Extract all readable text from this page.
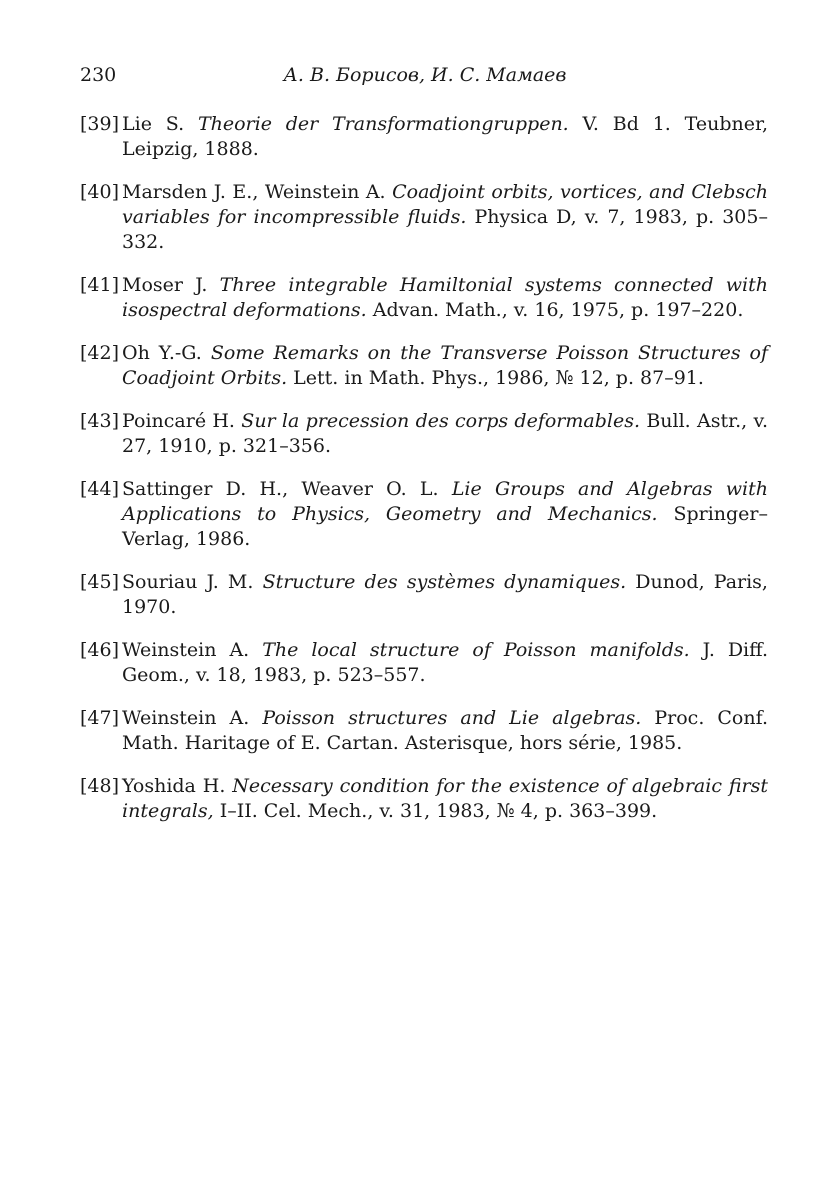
230	А. В. Борисов, И. С. Мамаев
[39] Lie S. Theorie der Transformationgruppen. V. Bd 1. Teubner, Leipzig, 1888.
[40] Marsden J. E., Weinstein A. Coadjoint orbits, vortices, and Clebsch variables for incompressible fluids. Physica D, v. 7, 1983, p. 305–332.
[41] Moser J. Three integrable Hamiltonial systems connected with isospectral deformations. Advan. Math., v. 16, 1975, p. 197–220.
[42] Oh Y.-G. Some Remarks on the Transverse Poisson Structures of Coadjoint Orbits. Lett. in Math. Phys., 1986, № 12, p. 87–91.
[43] Poincaré H. Sur la precession des corps deformables. Bull. Astr., v. 27, 1910, p. 321–356.
[44] Sattinger D. H., Weaver O. L. Lie Groups and Algebras with Applications to Physics, Geometry and Mechanics. Springer–Verlag, 1986.
[45] Souriau J. M. Structure des systèmes dynamiques. Dunod, Paris, 1970.
[46] Weinstein A. The local structure of Poisson manifolds. J. Diff. Geom., v. 18, 1983, p. 523–557.
[47] Weinstein A. Poisson structures and Lie algebras. Proc. Conf. Math. Haritage of E. Cartan. Asterisque, hors série, 1985.
[48] Yoshida H. Necessary condition for the existence of algebraic first integrals, I–II. Cel. Mech., v. 31, 1983, № 4, p. 363–399.
